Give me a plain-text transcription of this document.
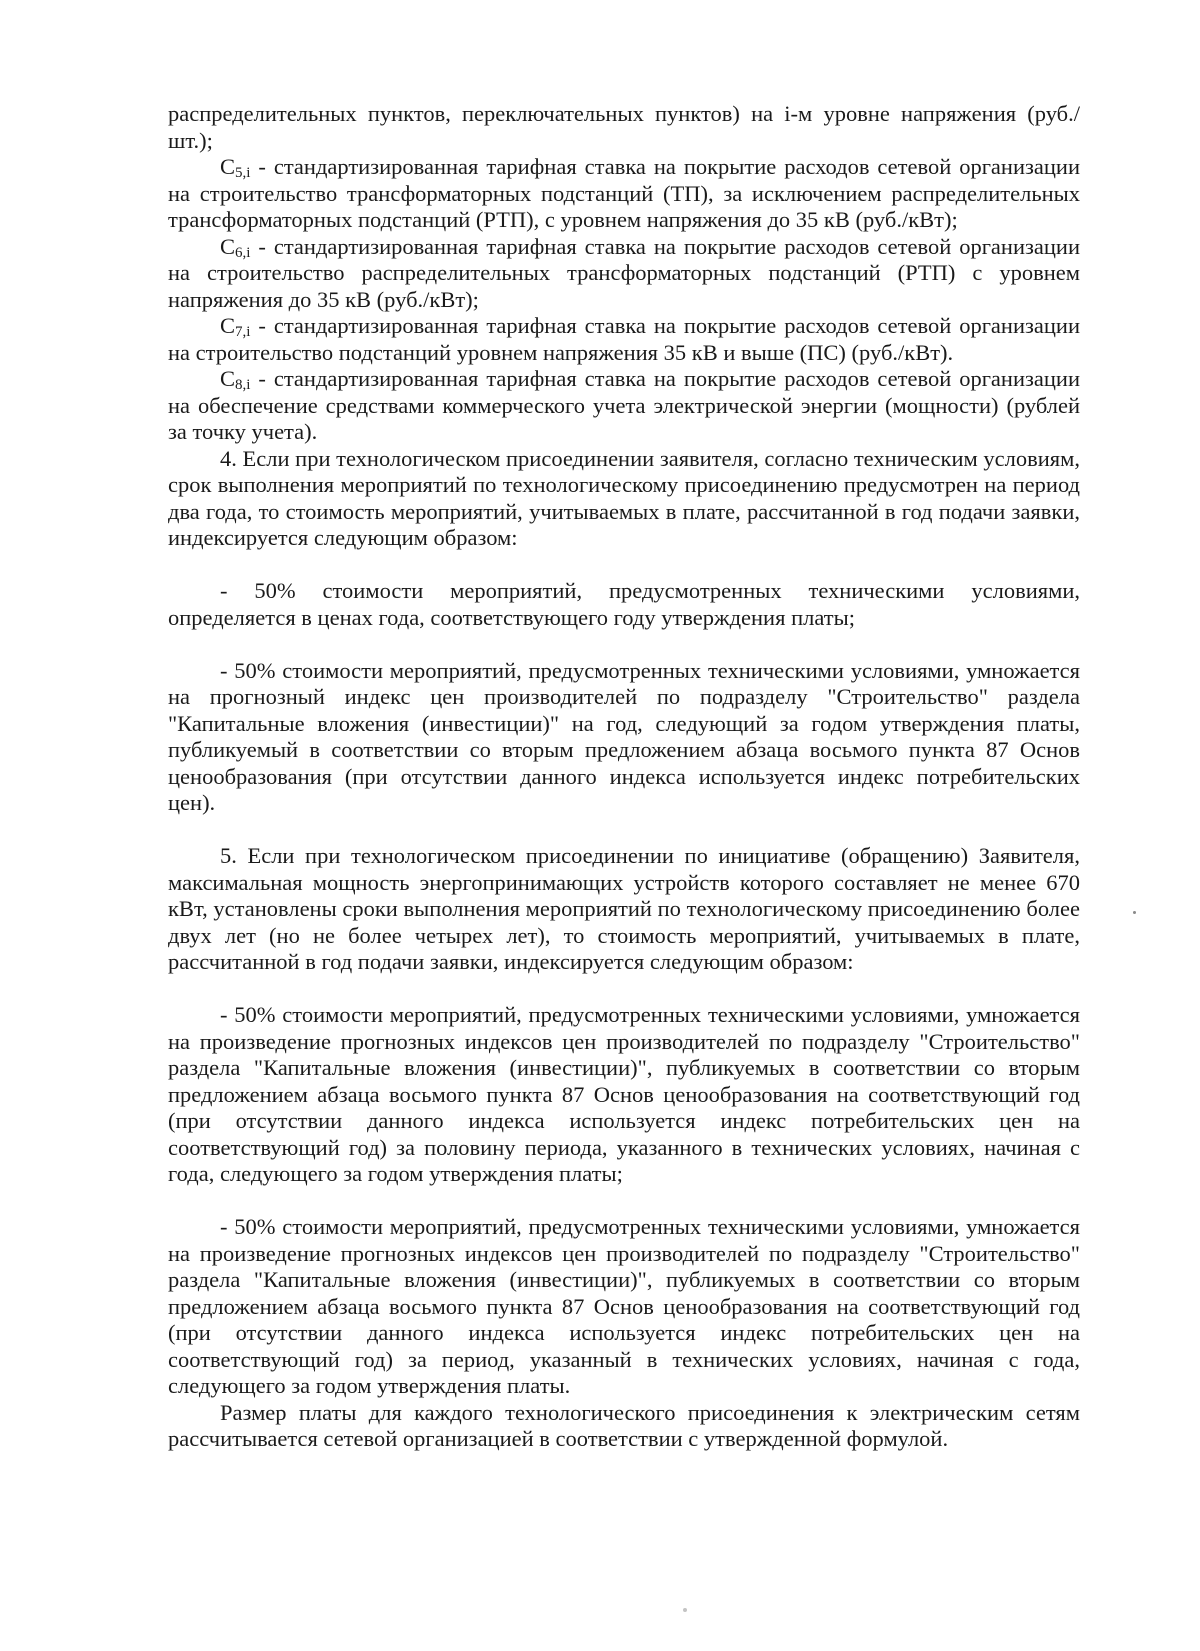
распределительных пунктов, переключательных пунктов) на i-м уровне напряжения (руб./шт.);

$C_{5,i}$ - стандартизированная тарифная ставка на покрытие расходов сетевой организации на строительство трансформаторных подстанций (ТП), за исключением распределительных трансформаторных подстанций (РТП), с уровнем напряжения до 35 кВ (руб./кВт);

$C_{6,i}$ - стандартизированная тарифная ставка на покрытие расходов сетевой организации на строительство распределительных трансформаторных подстанций (РТП) с уровнем напряжения до 35 кВ (руб./кВт);

$C_{7,i}$ - стандартизированная тарифная ставка на покрытие расходов сетевой организации на строительство подстанций уровнем напряжения 35 кВ и выше (ПС) (руб./кВт).

$C_{8,i}$ - стандартизированная тарифная ставка на покрытие расходов сетевой организации на обеспечение средствами коммерческого учета электрической энергии (мощности) (рублей за точку учета).

4. Если при технологическом присоединении заявителя, согласно техническим условиям, срок выполнения мероприятий по технологическому присоединению предусмотрен на период два года, то стоимость мероприятий, учитываемых в плате, рассчитанной в год подачи заявки, индексируется следующим образом:

- 50% стоимости мероприятий, предусмотренных техническими условиями, определяется в ценах года, соответствующего году утверждения платы;

- 50% стоимости мероприятий, предусмотренных техническими условиями, умножается на прогнозный индекс цен производителей по подразделу "Строительство" раздела "Капитальные вложения (инвестиции)" на год, следующий за годом утверждения платы, публикуемый в соответствии со вторым предложением абзаца восьмого пункта 87 Основ ценообразования (при отсутствии данного индекса используется индекс потребительских цен).

5. Если при технологическом присоединении по инициативе (обращению) Заявителя, максимальная мощность энергопринимающих устройств которого составляет не менее 670 кВт, установлены сроки выполнения мероприятий по технологическому присоединению более двух лет (но не более четырех лет), то стоимость мероприятий, учитываемых в плате, рассчитанной в год подачи заявки, индексируется следующим образом:

- 50% стоимости мероприятий, предусмотренных техническими условиями, умножается на произведение прогнозных индексов цен производителей по подразделу "Строительство" раздела "Капитальные вложения (инвестиции)", публикуемых в соответствии со вторым предложением абзаца восьмого пункта 87 Основ ценообразования на соответствующий год (при отсутствии данного индекса используется индекс потребительских цен на соответствующий год) за половину периода, указанного в технических условиях, начиная с года, следующего за годом утверждения платы;

- 50% стоимости мероприятий, предусмотренных техническими условиями, умножается на произведение прогнозных индексов цен производителей по подразделу "Строительство" раздела "Капитальные вложения (инвестиции)", публикуемых в соответствии со вторым предложением абзаца восьмого пункта 87 Основ ценообразования на соответствующий год (при отсутствии данного индекса используется индекс потребительских цен на соответствующий год) за период, указанный в технических условиях, начиная с года, следующего за годом утверждения платы.

Размер платы для каждого технологического присоединения к электрическим сетям рассчитывается сетевой организацией в соответствии с утвержденной формулой.
